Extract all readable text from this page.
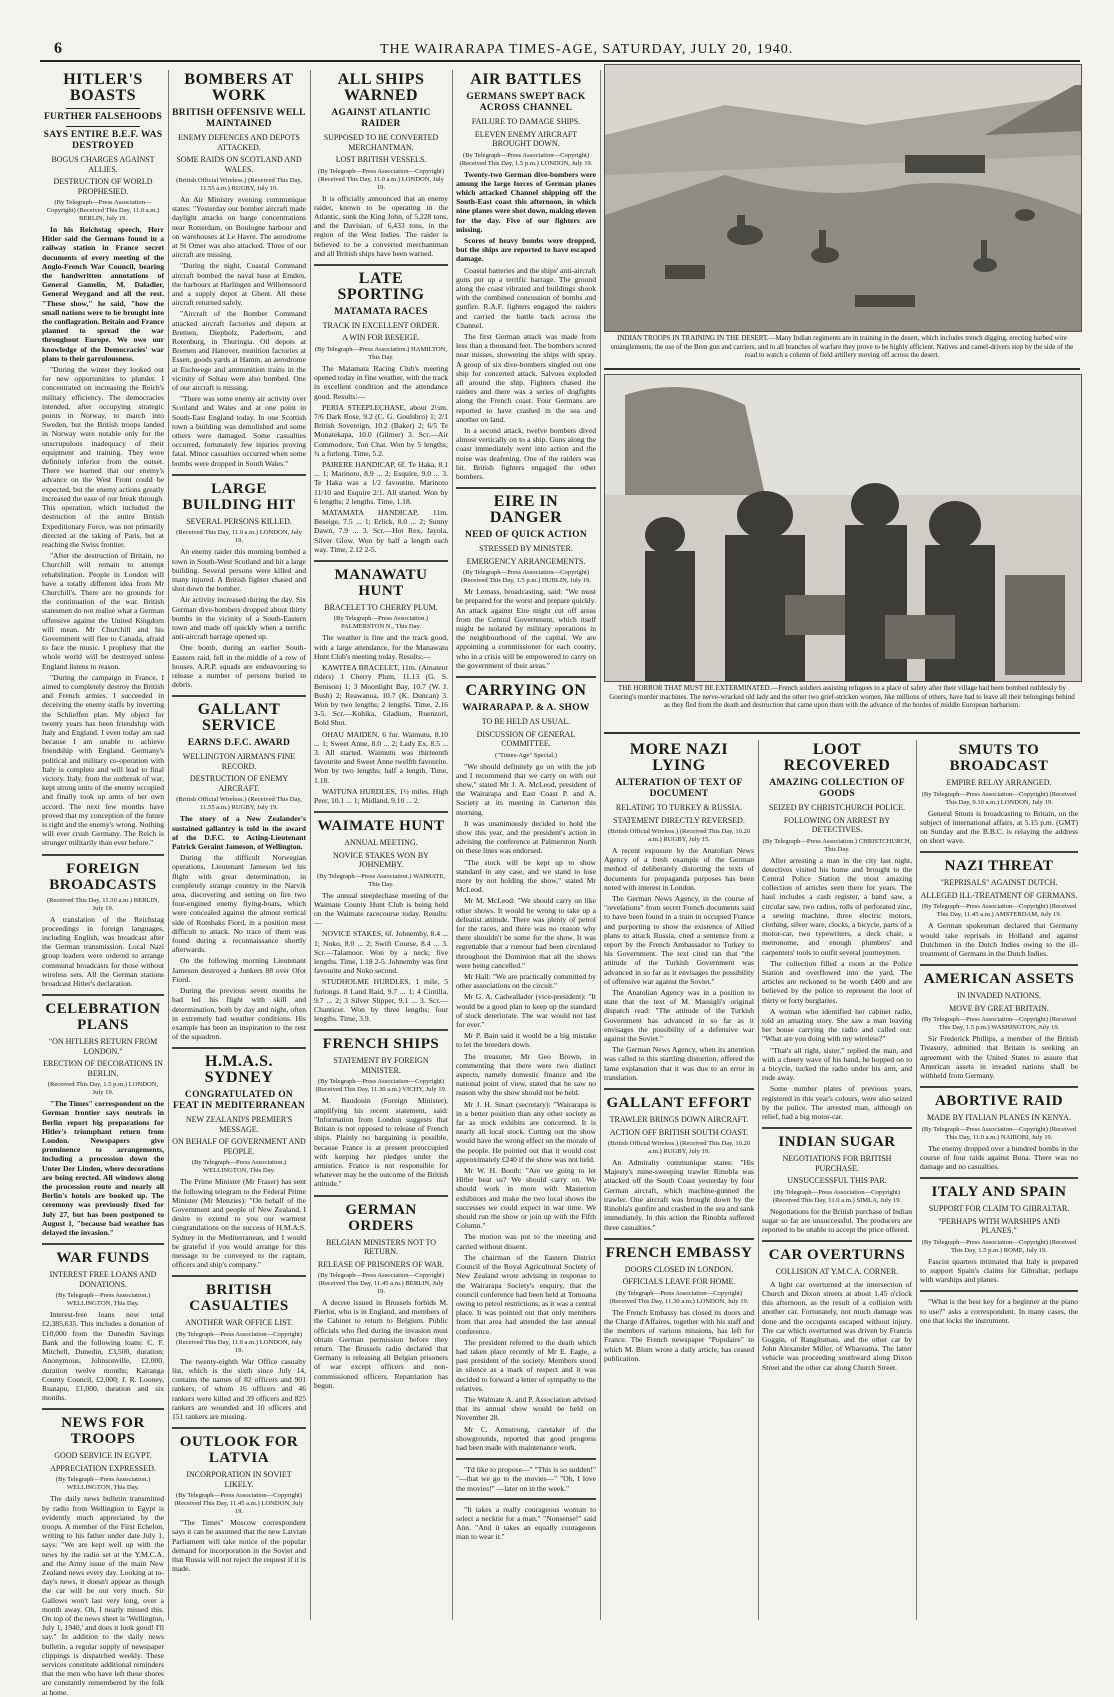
6	THE WAIRARAPA TIMES-AGE, SATURDAY, JULY 20, 1940.
HITLER'S BOASTS
FURTHER FALSEHOODS
SAYS ENTIRE B.E.F. WAS DESTROYED
BOGUS CHARGES AGAINST ALLIES.
DESTRUCTION OF WORLD PROPHESIED.
(By Telegraph—Press Association—Copyright) (Received This Day, 11.0 a.m.) BERLIN, July 19.

In his Reichstag speech, Herr Hitler said the Germans found in a railway station in France secret documents of every meeting of the Anglo-French War Council, bearing the handwritten annotations of General Gamelin, M. Daladier, General Weygand and all the rest. "These show," he said, "how the small nations were to be brought into the conflagration. Britain and France planned to spread the war throughout Europe. We owe our knowledge of the Democracies' war plans to their garrulousness.

"During the winter they looked out for new opportunities to plunder. I concentrated on increasing the Reich's military efficiency. The democracies intended, after occupying strategic points in Norway, to march into Sweden, but the British troops landed in Norway were notable only for the unscrupulous inadequacy of their equipment and training. They were definitely inferior from the outset. There we learned that our enemy's advance on the West Front could be expected, but the enemy actions greatly increased the ease of our break through. This operation, which included the destruction of the entire British Expeditionary Force, was not primarily directed at the taking of Paris, but at reaching the Swiss frontier.

"After the destruction of Britain, no Churchill will remain to attempt rehabilitation. People in London will have a totally different idea from Mr Churchill's. There are no grounds for the continuation of the war. British statesmen do not realise what a German offensive against the United Kingdom will mean. Mr Churchill and his Government will flee to Canada, afraid to face the music. I prophesy that the whole world will be destroyed unless England listens to reason.

"During the campaign in France, I aimed to completely destroy the British and French armies. I succeeded in deceiving the enemy staffs by inverting the Schlieffen plan. My object for twenty years has been friendship with Italy and England. I even today am sad because I am unable to achieve friendship with England. Germany's political and military co-operation with Italy is complete and will lead to final victory. Italy, from the outbreak of war, kept strong units of the enemy occupied and finally took up arms of her own accord. The next few months have proved that my conception of the future is right and the enemy's wrong. Nothing will ever crush Germany. The Reich is stronger militarily than ever before."

FOREIGN BROADCASTS
(Received This Day, 11.30 a.m.) BERLIN, July 19.

A translation of the Reichstag proceedings in foreign languages, including English, was broadcast after the German transmission. Local Nazi group leaders were ordered to arrange communal broadcasts for those without wireless sets. All the German stations broadcast Hitler's declaration.

CELEBRATION PLANS
"ON HITLERS RETURN FROM LONDON."
ERECTION OF DECORATIONS IN BERLIN.
(Received This Day, 1.5 p.m.) LONDON, July 19.

"The Times" correspondent on the German frontier says neutrals in Berlin report big preparations for Hitler's triumphant return from London. Newspapers give prominence to arrangements, including a procession down the Unter Der Linden, where decorations are being erected. All windows along the procession route and nearly all Berlin's hotels are booked up. The ceremony was previously fixed for July 27, but has been postponed to August 1, "because bad weather has delayed the invasion."

WAR FUNDS
INTEREST FREE LOANS AND DONATIONS.
(By Telegraph—Press Association.) WELLINGTON, This Day.

Interest-free loans now total £2,385,635. This includes a donation of £10,000 from the Dunedin Savings Bank and the following loans: C. F. Mitchell, Dunedin, £3,500, duration; Anonymous, Johnsonville, £2,000, duration twelve months; Kairanga County Council, £2,000; J. R. Looney, Ruatapu, £1,000, duration and six months.

NEWS FOR TROOPS
GOOD SERVICE IN EGYPT.
APPRECIATION EXPRESSED.
(By Telegraph—Press Association.) WELLINGTON, This Day.

The daily news bulletin transmitted by radio from Wellington to Egypt is evidently much appreciated by the troops. A member of the First Echelon, writing to his father under date July 1, says: "We are kept well up with the news by the radio set at the Y.M.C.A. and the Army issue of the main New Zealand news every day. Looking at to-day's news, it doesn't appear as though the car will be out very much. Sir Gallows won't last very long, over a month away. Oh, I nearly missed this. On top of the news sheet is 'Wellington, July 1, 1940,' and does it look good! I'll say." In addition to the daily news bulletin, a regular supply of newspaper clippings is dispatched weekly. These services constitute additional reminders that the men who have left these shores are constantly remembered by the folk at home.

BOMBERS AT WORK
BRITISH OFFENSIVE WELL MAINTAINED
ENEMY DEFENCES AND DEPOTS ATTACKED.
SOME RAIDS ON SCOTLAND AND WALES.
(British Official Wireless.) (Received This Day, 11.55 a.m.) RUGBY, July 19.

An Air Ministry evening communique states: "Yesterday our bomber aircraft made daylight attacks on barge concentrations near Rotterdam, on Boulogne harbour and on warehouses at Le Havre. The aerodrome at St Omer was also attacked. Three of our aircraft are missing.

"During the night, Coastal Command aircraft bombed the naval base at Emden, the harbours at Harlingen and Willemsoord and a supply depot at Ghent. All these aircraft returned safely.

"Aircraft of the Bomber Command attacked aircraft factories and depots at Bremen, Diepholz, Paderborn, and Rotenburg, in Thuringia. Oil depots at Bremen and Hanover, munition factories at Essen, goods yards at Hamm, an aerodrome at Eschwege and ammunition trains in the vicinity of Soltau were also bombed. One of our aircraft is missing.

"There was some enemy air activity over Scotland and Wales and at one point in South-East England today. In one Scottish town a building was demolished and some others were damaged. Some casualties occurred, fortunately few injuries proving fatal. Minor casualties occurred when some bombs were dropped in South Wales."

LARGE BUILDING HIT
SEVERAL PERSONS KILLED.
(Received This Day, 11.0 a.m.) LONDON, July 19.

An enemy raider this morning bombed a town in South-West Scotland and hit a large building. Several persons were killed and many injured. A British fighter chased and shot down the bomber.

Air activity increased during the day. Six German dive-bombers dropped about thirty bombs in the vicinity of a South-Eastern town and made off quickly when a terrific anti-aircraft barrage opened up.

One bomb, during an earlier South-Eastern raid, fell in the middle of a row of houses. A.R.P. squads are endeavouring to release a number of persons buried in debris.

GALLANT SERVICE
EARNS D.F.C. AWARD
WELLINGTON AIRMAN'S FINE RECORD.
DESTRUCTION OF ENEMY AIRCRAFT.
(British Official Wireless.) (Received This Day, 11.55 a.m.) RUGBY, July 19.

The story of a New Zealander's sustained gallantry is told in the award of the D.F.C. to Acting-Lieutenant Patrick Geraint Jameson, of Wellington.

During the difficult Norwegian operations, Lieutenant Jameson led his flight with great determination, in completely strange country in the Narvik area, discovering and setting on fire two four-engined enemy flying-boats, which were concealed against the almost vertical side of Rombaks Fiord, in a position most difficult to attack. No trace of them was found during a reconnaissance shortly afterwards.

On the following morning Lieutenant Jameson destroyed a Junkers 88 over Ofot Fiord.

During the previous seven months he had led his flight with skill and determination, both by day and night, often in extremely bad weather conditions. His example has been an inspiration to the rest of the squadron.

H.M.A.S. SYDNEY
CONGRATULATED ON FEAT IN MEDITERRANEAN
NEW ZEALAND'S PREMIER'S MESSAGE.
ON BEHALF OF GOVERNMENT AND PEOPLE.
(By Telegraph—Press Association.) WELLINGTON, This Day.

The Prime Minister (Mr Fraser) has sent the following telegram to the Federal Prime Minister (Mr Menzies): "On behalf of the Government and people of New Zealand, I desire to extend to you our warmest congratulations on the success of H.M.A.S. Sydney in the Mediterranean, and I would be grateful if you would arrange for this message to be conveyed to the captain, officers and ship's company."

BRITISH CASUALTIES
ANOTHER WAR OFFICE LIST.
(By Telegraph—Press Association—Copyright) (Received This Day, 11.0 a.m.) LONDON, July 19.

The twenty-eighth War Office casualty list, which is the sixth since July 14, contains the names of 82 officers and 901 rankers, of whom 16 officers and 46 rankers were killed and 39 officers and 825 rankers are wounded and 10 officers and 151 rankers are missing.

OUTLOOK FOR LATVIA
INCORPORATION IN SOVIET LIKELY.
(By Telegraph—Press Association—Copyright) (Received This Day, 11.45 a.m.) LONDON, July 19.

"The Times" Moscow correspondent says it can be assumed that the new Latvian Parliament will take notice of the popular demand for incorporation in the Soviet and that Russia will not reject the request if it is made.

ALL SHIPS WARNED
AGAINST ATLANTIC RAIDER
SUPPOSED TO BE CONVERTED MERCHANTMAN.
LOST BRITISH VESSELS.
(By Telegraph—Press Association—Copyright) (Received This Day, 11.0 a.m.) LONDON, July 19.

It is officially announced that an enemy raider, known to be operating in the Atlantic, sunk the King John, of 5,228 tons, and the Davisian, of 6,433 tons, in the region of the West Indies. The raider is believed to be a converted merchantman and all British ships have been warned.

LATE SPORTING
MATAMATA RACES
TRACK IN EXCELLENT ORDER.
A WIN FOR BESEIGE.
(By Telegraph—Press Association.) HAMILTON, This Day.

The Matamata Racing Club's meeting opened today in fine weather, with the track in excellent condition and the attendance good. Results:—

PERIA STEEPLECHASE, about 2½m. 7/6 Dark Rose, 9.2 (C. G. Goulsbro) 1; 2/1 British Sovereign, 10.2 (Baker) 2; 6/5 Te Monatekapa, 10.0 (Gilmer) 3. Scr.—Air Commodore, Ton Chat. Won by 5 lengths; ¾ a furlong. Time, 5.2.

PAIRERE HANDICAP, 6f. Te Haka, 8.1 ... 1; Marinoto, 8.9 ... 2; Esquire, 9.0 ... 3. Te Haka was a 1/2 favourite. Marinoto 11/10 and Esquire 2/1. All started. Won by 6 lengths; 2 lengths. Time, 1.18.

MATAMATA HANDICAP, 11m. Beseige, 7.5 ... 1; Erlick, 8.0 ... 2; Sunny Dawn, 7.9 ... 3. Scr.—Hot Rex, Jayola, Silver Glow. Won by half a length each way. Time, 2.12 2-5.

MANAWATU HUNT
BRACELET TO CHERRY PLUM.
(By Telegraph—Press Association.) PALMERSTON N., This Day.

The weather is fine and the track good, with a large attendance, for the Manawatu Hunt Club's meeting today. Results:—

KAWITEA BRACELET, 11m. (Amateur riders) 1 Cherry Plum, 11.13 (G. S. Benison) 1; 3 Moonlight Bay, 10.7 (W. J. Bush) 2; Reawanoa, 10.7 (K. Duncan) 3. Won by two lengths; 2 lengths. Time, 2.16 3-5. Scr.—Kohika, Gladium, Ruenzori, Bold Shot.

OHAU MAIDEN, 6 fur. Waimutu, 8.10 ... 1; Sweet Anne, 8.0 ... 2; Lady Ex, 8.5 ... 3. All started. Waimutu was thirteenth favourite and Sweet Anne twelfth favourite. Won by two lengths; half a length. Time, 1.18.

WAITUNA HURDLES, 1½ miles. High Peer, 10.1 ... 1; Midland, 9.10 ... 2.

WAIMATE HUNT
ANNUAL MEETING.
NOVICE STAKES WON BY JOHNEMBY.
(By Telegraph—Press Association.) WAIMATE, This Day.

The annual steeplechase meeting of the Waimate County Hunt Club is being held on the Waimate racecourse today. Results:—

NOVICE STAKES, 6f. Johnemby, 8.4 ... 1; Noko, 8.0 ... 2; Swift Course, 8.4 ... 3. Scr.—Talamoor. Won by a neck; five lengths. Time, 1.18 2-5. Johnemby was first favourite and Noko second.

STUDHOLME HURDLES, 1 mile, 5 furlongs. 8 Land Raid, 9.7 ... 1; 4 Cintilla, 9.7 ... 2; 3 Silver Slipper, 9.1 ... 3. Scr.—Chanticer. Won by three lengths; four lengths. Time, 3.9.

FRENCH SHIPS
STATEMENT BY FOREIGN MINISTER.
(By Telegraph—Press Association—Copyright) (Received This Day, 11.30 a.m.) VICHY, July 19.

M. Baudouin (Foreign Minister), amplifying his recent statement, said: "Information from London suggests that Britain is not opposed to release of French ships. Plainly no bargaining is possible, because France is at present preoccupied with keeping her pledges under the armistice. France is not responsible for whatever may be the outcome of the British attitude."

GERMAN ORDERS
BELGIAN MINISTERS NOT TO RETURN.
RELEASE OF PRISONERS OF WAR.
(By Telegraph—Press Association—Copyright) (Received This Day, 11.45 a.m.) BERLIN, July 19.

A decree issued in Brussels forbids M. Pierlot, who is in England, and members of the Cabinet to return to Belgium. Public officials who fled during the invasion must obtain German permission before they return. The Brussels radio declared that Germany is releasing all Belgian prisoners of war except officers and non-commissioned officers. Repatriation has begun.

AIR BATTLES
GERMANS SWEPT BACK ACROSS CHANNEL
FAILURE TO DAMAGE SHIPS.
ELEVEN ENEMY AIRCRAFT BROUGHT DOWN.
(By Telegraph—Press Association—Copyright) (Received This Day, 1.5 p.m.) LONDON, July 19.

Twenty-two German dive-bombers were among the large forces of German planes which attacked Channel shipping off the South-East coast this afternoon, in which nine planes were shot down, making eleven for the day. Five of our fighters are missing.

Scores of heavy bombs were dropped, but the ships are reported to have escaped damage.

Coastal batteries and the ships' anti-aircraft guns put up a terrific barrage. The ground along the coast vibrated and buildings shook with the combined concussion of bombs and gunfire. R.A.F. fighters engaged the raiders and carried the battle back across the Channel.

The first German attack was made from less than a thousand feet. The bombers scored near misses, showering the ships with spray. A group of six dive-bombers singled out one ship for concerted attack. Salvoes exploded all around the ship. Fighters chased the raiders and there was a series of dogfights along the French coast. Four Germans are reported to have crashed in the sea and another on land.

In a second attack, twelve bombers dived almost vertically on to a ship. Guns along the coast immediately went into action and the noise was deafening. One of the raiders was hit. British fighters engaged the other bombers.

EIRE IN DANGER
NEED OF QUICK ACTION
STRESSED BY MINISTER.
EMERGENCY ARRANGEMENTS.
(By Telegraph—Press Association—Copyright) (Received This Day, 1.5 p.m.) DUBLIN, July 19.

Mr Lemass, broadcasting, said: "We must be prepared for the worst and prepare quickly. An attack against Eire might cut off areas from the Central Government, which itself might be isolated by military operations in the neighbourhood of the capital. We are appointing a commissioner for each county, who in a crisis will be empowered to carry on the government of their areas."

CARRYING ON
WAIRARAPA P. & A. SHOW
TO BE HELD AS USUAL.
DISCUSSION OF GENERAL COMMITTEE.
("Times-Age" Special.)

"We should definitely go on with the job and I recommend that we carry on with our show," stated Mr J. A. McLeod, president of the Wairarapa and East Coast P. and A. Society at its meeting in Carterton this morning.

It was unanimously decided to hold the show this year, and the president's action in advising the conference at Palmerston North on these lines was endorsed.

"The stock will be kept up to show standard in any case, and we stand to lose more by not holding the show," stated Mr McLeod.

Mr M. McLeod: "We should carry on like other shows. It would be wrong to take up a defeatist attitude. There was plenty of petrol for the races, and there was no reason why there shouldn't be some for the show. It was regrettable that a rumour had been circulated throughout the Dominion that all the shows were being cancelled."

Mr Hall: "We are practically committed by other associations on the circuit."

Mr G. A. Cadwallader (vice-president): "It would be a good plan to keep up the standard of stock deteriorate. The war would not last for ever."

Mr P. Bain said it would be a big mistake to let the breeders down.

The treasurer, Mr Geo Brown, in commenting that there were two distinct aspects, namely domestic finance and the national point of view, stated that he saw no reason why the show should not be held.

Mr J. H. Smart (secretary): "Wairarapa is in a better position than any other society as far as stock exhibits are concerned. It is nearly all local stock. Cutting out the show would have the wrong effect on the morale of the people. He pointed out that it would cost approximately £240 if the show was not held.

Mr W. H. Booth: "Are we going to let Hitler beat us? We should carry on. We should work in more with Masterton exhibitors and make the two local shows the successes we could expect in war time. We should run the show or join up with the Fifth Column."

The motion was put to the meeting and carried without dissent.

The chairman of the Eastern District Council of the Royal Agricultural Society of New Zealand wrote advising in response to the Wairarapa Society's enquiry, that the council conference had been held at Tomoana owing to petrol restrictions, as it was a central place. It was pointed out that only members from that area had attended the last annual conference.

The president referred to the death which had taken place recently of Mr E. Eagle, a past president of the society. Members stood in silence as a mark of respect and it was decided to forward a letter of sympathy to the relatives.

The Walmate A. and P. Association advised that its annual show would be held on November 28.

Mr C. Armstrong, caretaker of the showgrounds, reported that good progress had been made with maintenance work.

"I'd like to propose—" "This is so sudden!" "—that we go to the movies—" "Oh, I love the movies!" —later on in the week."

"It takes a really courageous woman to select a necktie for a man." "Nonsense!" said Ann. "And it takes an equally courageous man to wear it."

INDIAN TROOPS IN TRAINING IN THE DESERT.—Many Indian regiments are in training in the desert, which includes trench digging, erecting barbed wire entanglements, the use of the Bren gun and carriers, and in all branches of warfare they prove to be highly efficient. Natives and camel-drivers stop by the side of the road to watch a column of field artillery moving off across the desert.
THE HORROR THAT MUST BE EXTERMINATED.—French soldiers assisting refugees to a place of safety after their village had been bombed ruthlessly by Goering's murder machines. The nerve-wracked old lady and the other two grief-stricken women, like millions of others, have had to leave all their belongings behind as they fled from the death and destruction that came upon them with the advance of the hordes of middle European barbarism.
MORE NAZI LYING
ALTERATION OF TEXT OF DOCUMENT
RELATING TO TURKEY & RUSSIA.
STATEMENT DIRECTLY REVERSED.
(British Official Wireless.) (Received This Day, 10.20 a.m.) RUGBY, July 15.

A recent exposure by the Anatolian News Agency of a fresh example of the German method of deliberately distorting the texts of documents for propaganda purposes has been noted with interest in London.

The German News Agency, in the course of "revelations" from secret French documents said to have been found in a train in occupied France and purporting to show the existence of Allied plans to attack Russia, cited a sentence from a report by the French Ambassador to Turkey to his Government. The text cited ran that "the attitude of the Turkish Government was advanced in so far as it envisages the possibility of offensive war against the Soviet."

The Anatolian Agency was in a position to state that the text of M. Massigli's original dispatch read: "The attitude of the Turkish Government has advanced in so far as it envisages the possibility of a defensive war against the Soviet."

The German News Agency, when its attention was called to this startling distortion, offered the lame explanation that it was due to an error in translation.

GALLANT EFFORT
TRAWLER BRINGS DOWN AIRCRAFT.
ACTION OFF BRITISH SOUTH COAST.
(British Official Wireless.) (Received This Day, 10.20 a.m.) RUGBY, July 19.

An Admiralty communique states: "His Majesty's mine-sweeping trawler Rinobla was attacked off the South Coast yesterday by four German aircraft, which machine-gunned the trawler. One aircraft was brought down by the Rinobla's gunfire and crashed in the sea and sank immediately. In this action the Rinobla suffered three casualties."

FRENCH EMBASSY
DOORS CLOSED IN LONDON.
OFFICIALS LEAVE FOR HOME.
(By Telegraph—Press Association—Copyright) (Received This Day, 11.30 a.m.) LONDON, July 19.

The French Embassy has closed its doors and the Charge d'Affaires, together with his staff and the members of various missions, has left for France. The French newspaper "Populaire" in which M. Blum wrote a daily article, has ceased publication.

LOOT RECOVERED
AMAZING COLLECTION OF GOODS
SEIZED BY CHRISTCHURCH POLICE.
FOLLOWING ON ARREST BY DETECTIVES.
(By Telegraph—Press Association.) CHRISTCHURCH, This Day.

After arresting a man in the city last night, detectives visited his home and brought to the Central Police Station the most amazing collection of articles seen there for years. The haul includes a cash register, a band saw, a circular saw, two radios, rolls of perforated zinc, a sewing machine, three electric motors, clothing, silver ware, clocks, a bicycle, parts of a motor-car, two typewriters, a deck chair, a metronome, and enough plumbers' and carpenters' tools to outfit several journeymen.

The collection filled a room at the Police Station and overflowed into the yard. The articles are reckoned to be worth £400 and are believed by the police to represent the loot of thirty or forty burglaries.

A woman who identified her cabinet radio, told an amazing story. She saw a man leaving her house carrying the radio and called out: "What are you doing with my wireless?"

"That's all right, sister," replied the man, and with a cheery wave of his hand, he hopped on to a bicycle, tucked the radio under his arm, and rode away.

Some number plates of previous years, registered in this year's colours, were also seized by the police. The arrested man, although on relief, had a big motor-car.

INDIAN SUGAR
NEGOTIATIONS FOR BRITISH PURCHASE.
UNSUCCESSFUL THIS PAR.
(By Telegraph—Press Association—Copyright) (Received This Day, 11.0 a.m.) SIMLA, July 19.

Negotiations for the British purchase of Indian sugar so far are unsuccessful. The producers are reported to be unable to accept the price offered.

CAR OVERTURNS
COLLISION AT Y.M.C.A. CORNER.

A light car overturned at the intersection of Church and Dixon streets at about 1.45 o'clock this afternoon, as the result of a collision with another car. Fortunately, not much damage was done and the occupants escaped without injury. The car which overturned was driven by Francis Goggin, of Rangitumau, and the other car by John Alexander Miller, of Whareama. The latter vehicle was proceeding southward along Dixon Street and the other car along Church Street.

SMUTS TO BROADCAST
EMPIRE RELAY ARRANGED.
(By Telegraph—Press Association—Copyright) (Received This Day, 9.10 a.m.) LONDON, July 19.

General Smuts is broadcasting to Britain, on the subject of international affairs, at 5.15 p.m. (GMT) on Sunday and the B.B.C. is relaying the address on short wave.

NAZI THREAT
"REPRISALS" AGAINST DUTCH.
ALLEGED ILL-TREATMENT OF GERMANS.
(By Telegraph—Press Association—Copyright) (Received This Day, 11.45 a.m.) AMSTERDAM, July 19.

A German spokesman declared that Germany would take reprisals in Holland and against Dutchmen in the Dutch Indies owing to the ill-treatment of Germans in the Dutch Indies.

AMERICAN ASSETS
IN INVADED NATIONS.
MOVE BY GREAT BRITAIN.
(By Telegraph—Press Association—Copyright) (Received This Day, 1.5 p.m.) WASHINGTON, July 19.

Sir Frederick Phillips, a member of the British Treasury, admitted that Britain is seeking an agreement with the United States to assure that American assets in invaded nations shall be withheld from Germany.

ABORTIVE RAID
MADE BY ITALIAN PLANES IN KENYA.
(By Telegraph—Press Association—Copyright) (Received This Day, 11.0 a.m.) NAIROBI, July 19.

The enemy dropped over a hundred bombs in the course of four raids against Buna. There was no damage and no casualties.

ITALY AND SPAIN
SUPPORT FOR CLAIM TO GIBRALTAR.
"PERHAPS WITH WARSHIPS AND PLANES."
(By Telegraph—Press Association—Copyright) (Received This Day, 1.5 p.m.) ROME, July 19.

Fascist quarters intimated that Italy is prepared to support Spain's claims for Gibraltar, perhaps with warships and planes.

"What is the best key for a beginner at the piano to use?" asks a correspondent. In many cases, the one that locks the instrument.
